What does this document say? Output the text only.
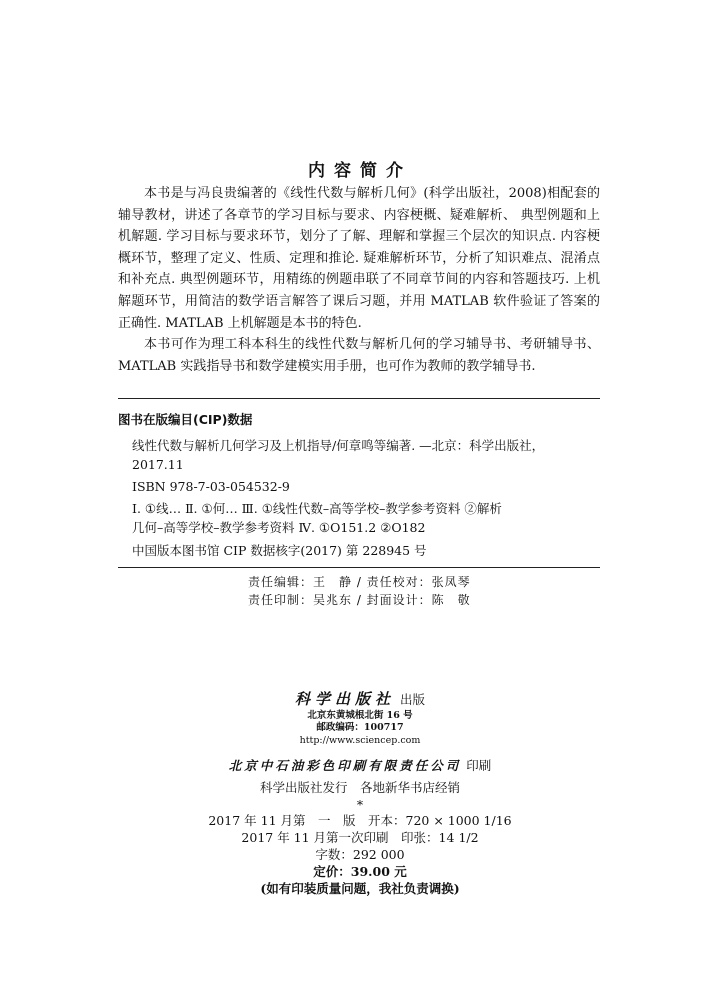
内容简介

本书是与冯良贵编著的《线性代数与解析几何》(科学出版社，2008)相配套的辅导教材，讲述了各章节的学习目标与要求、内容梗概、疑难解析、 典型例题和上机解题. 学习目标与要求环节，划分了了解、理解和掌握三个层次的知识点. 内容梗概环节，整理了定义、性质、定理和推论. 疑难解析环节，分析了知识难点、混淆点和补充点. 典型例题环节，用精练的例题串联了不同章节间的内容和答题技巧. 上机解题环节，用简洁的数学语言解答了课后习题，并用 MATLAB 软件验证了答案的正确性. MATLAB 上机解题是本书的特色.

本书可作为理工科本科生的线性代数与解析几何的学习辅导书、考研辅导书、MATLAB 实践指导书和数学建模实用手册，也可作为教师的教学辅导书.

图书在版编目(CIP)数据
线性代数与解析几何学习及上机指导/何章鸣等编著. —北京：科学出版社，
2017.11
ISBN 978-7-03-054532-9
Ⅰ. ①线… Ⅱ. ①何… Ⅲ. ①线性代数–高等学校–教学参考资料 ②解析
几何–高等学校–教学参考资料 Ⅳ. ①O151.2 ②O182
中国版本图书馆 CIP 数据核字(2017) 第 228945 号
责任编辑：王　静 / 责任校对：张凤琴
责任印制：吴兆东 / 封面设计：陈　敬
科学出版社 出版
北京东黄城根北街 16 号
邮政编码：100717
http://www.sciencep.com
北京中石油彩色印刷有限责任公司 印刷
科学出版社发行　各地新华书店经销
*
2017 年 11 月第　一　版　开本：720 × 1000 1/16
2017 年 11 月第一次印刷　印张：14 1/2
字数：292 000
定价：39.00 元
(如有印装质量问题，我社负责调换)
